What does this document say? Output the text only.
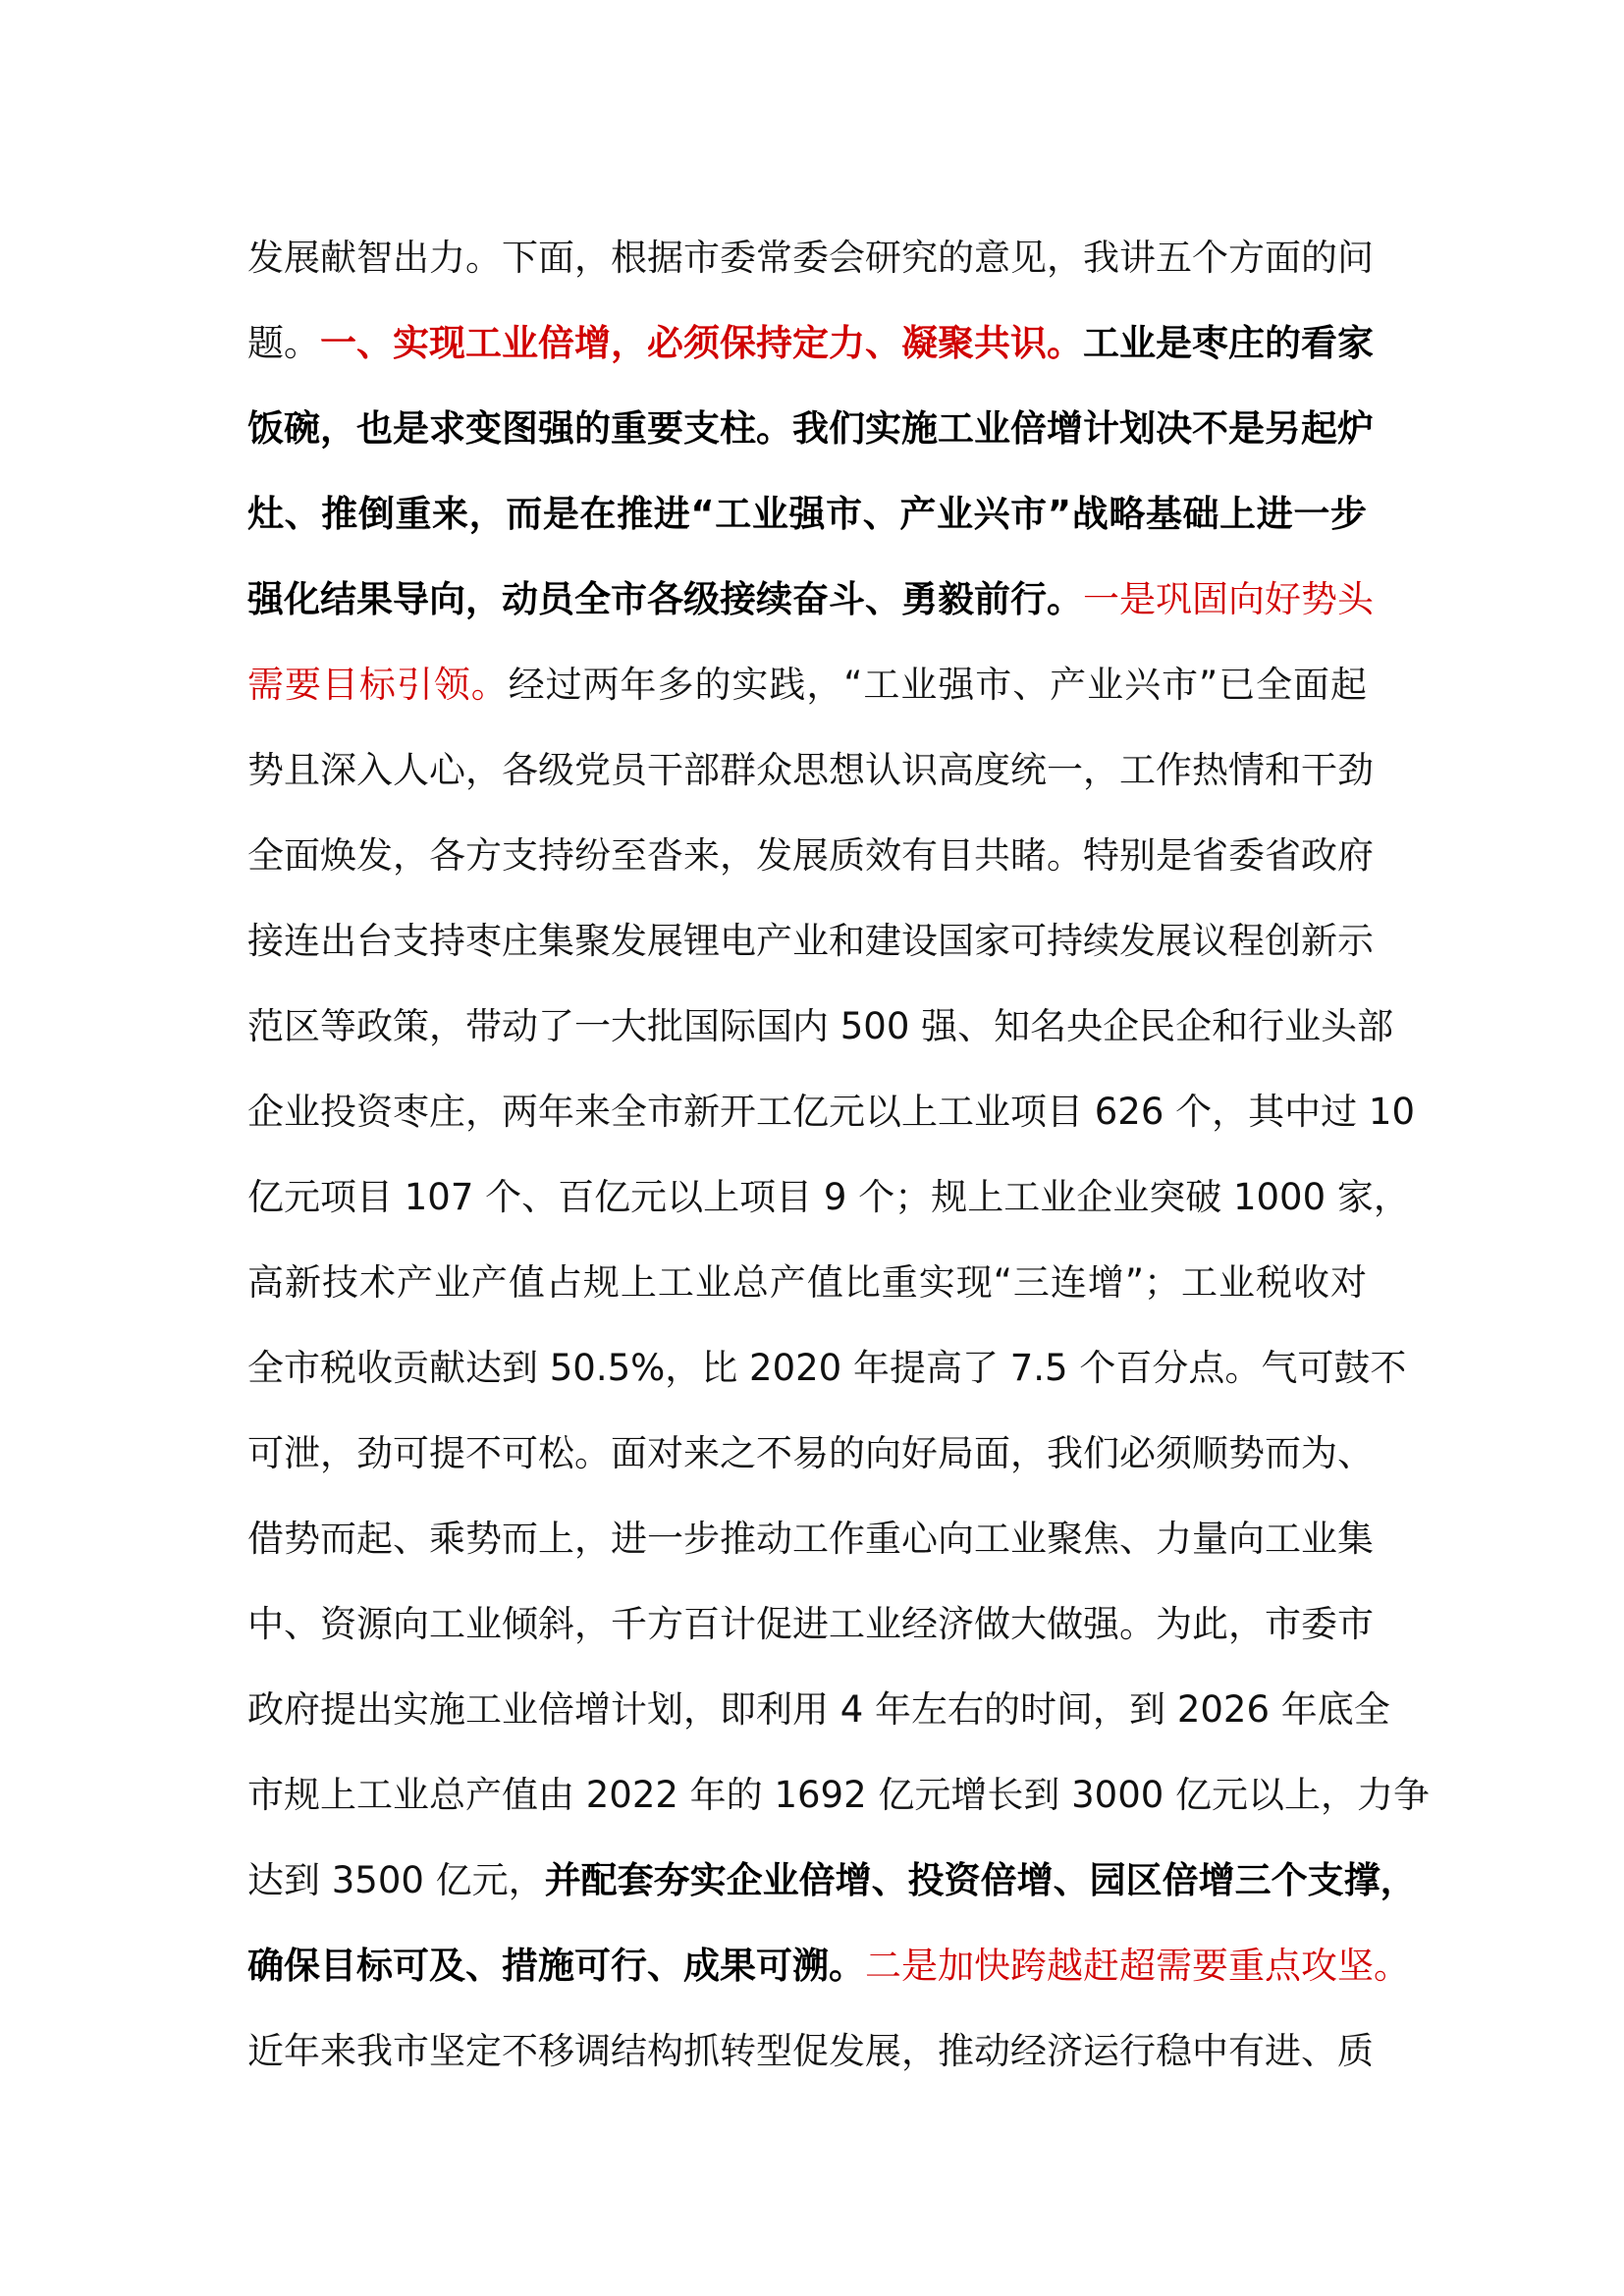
发展献智出力。下面，根据市委常委会研究的意见，我讲五个方面的问
题。一、实现工业倍增，必须保持定力、凝聚共识。工业是枣庄的看家
饭碗，也是求变图强的重要支柱。我们实施工业倍增计划决不是另起炉
灶、推倒重来，而是在推进“工业强市、产业兴市”战略基础上进一步
强化结果导向，动员全市各级接续奋斗、勇毅前行。一是巩固向好势头
需要目标引领。经过两年多的实践，“工业强市、产业兴市”已全面起
势且深入人心，各级党员干部群众思想认识高度统一，工作热情和干劲
全面焕发，各方支持纷至沓来，发展质效有目共睹。特别是省委省政府
接连出台支持枣庄集聚发展锂电产业和建设国家可持续发展议程创新示
范区等政策，带动了一大批国际国内 500 强、知名央企民企和行业头部
企业投资枣庄，两年来全市新开工亿元以上工业项目 626 个，其中过 10
亿元项目 107 个、百亿元以上项目 9 个；规上工业企业突破 1000 家，
高新技术产业产值占规上工业总产值比重实现“三连增”；工业税收对
全市税收贡献达到 50.5%，比 2020 年提高了 7.5 个百分点。气可鼓不
可泄，劲可提不可松。面对来之不易的向好局面，我们必须顺势而为、
借势而起、乘势而上，进一步推动工作重心向工业聚焦、力量向工业集
中、资源向工业倾斜，千方百计促进工业经济做大做强。为此，市委市
政府提出实施工业倍增计划，即利用 4 年左右的时间，到 2026 年底全
市规上工业总产值由 2022 年的 1692 亿元增长到 3000 亿元以上，力争
达到 3500 亿元，并配套夯实企业倍增、投资倍增、园区倍增三个支撑，
确保目标可及、措施可行、成果可溯。二是加快跨越赶超需要重点攻坚。
近年来我市坚定不移调结构抓转型促发展，推动经济运行稳中有进、质
